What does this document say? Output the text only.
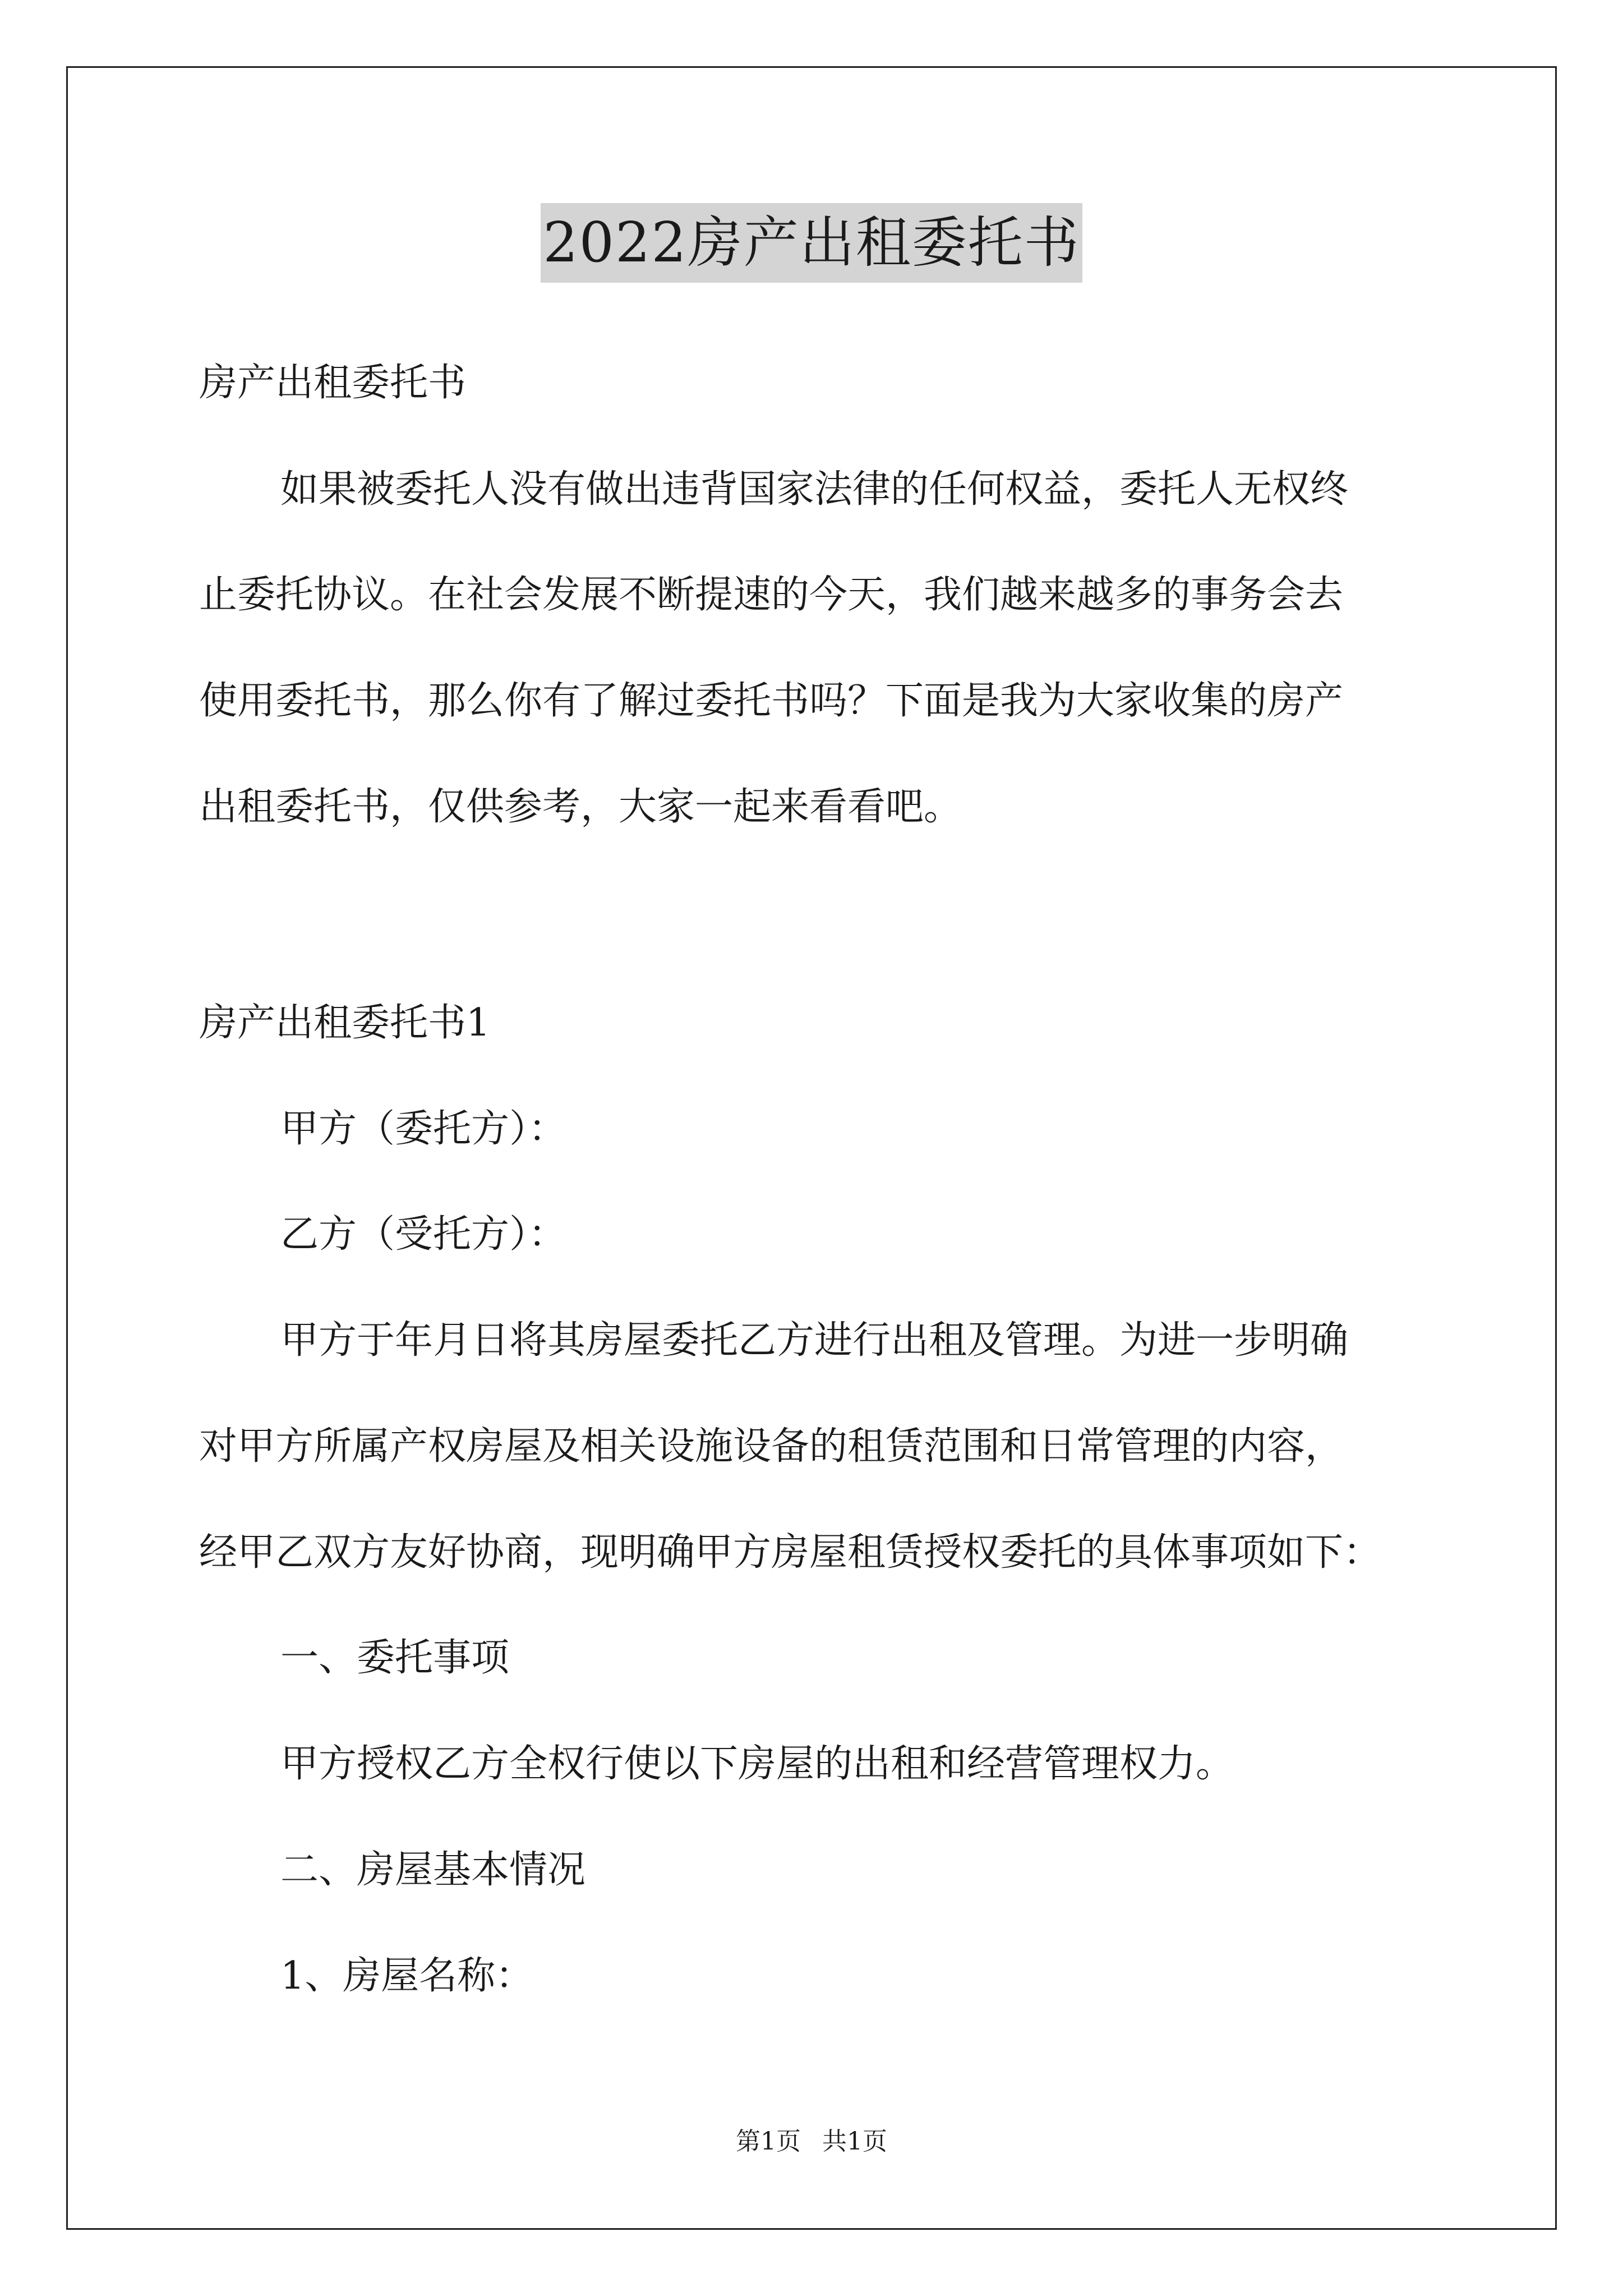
2022房产出租委托书
房产出租委托书
如果被委托人没有做出违背国家法律的任何权益，委托人无权终
止委托协议。在社会发展不断提速的今天，我们越来越多的事务会去
使用委托书，那么你有了解过委托书吗？下面是我为大家收集的房产
出租委托书，仅供参考，大家一起来看看吧。
房产出租委托书1
甲方（委托方）：
乙方（受托方）：
甲方于年月日将其房屋委托乙方进行出租及管理。为进一步明确
对甲方所属产权房屋及相关设施设备的租赁范围和日常管理的内容，
经甲乙双方友好协商，现明确甲方房屋租赁授权委托的具体事项如下：
一、委托事项
甲方授权乙方全权行使以下房屋的出租和经营管理权力。
二、房屋基本情况
1、房屋名称：
第1页 共1页
